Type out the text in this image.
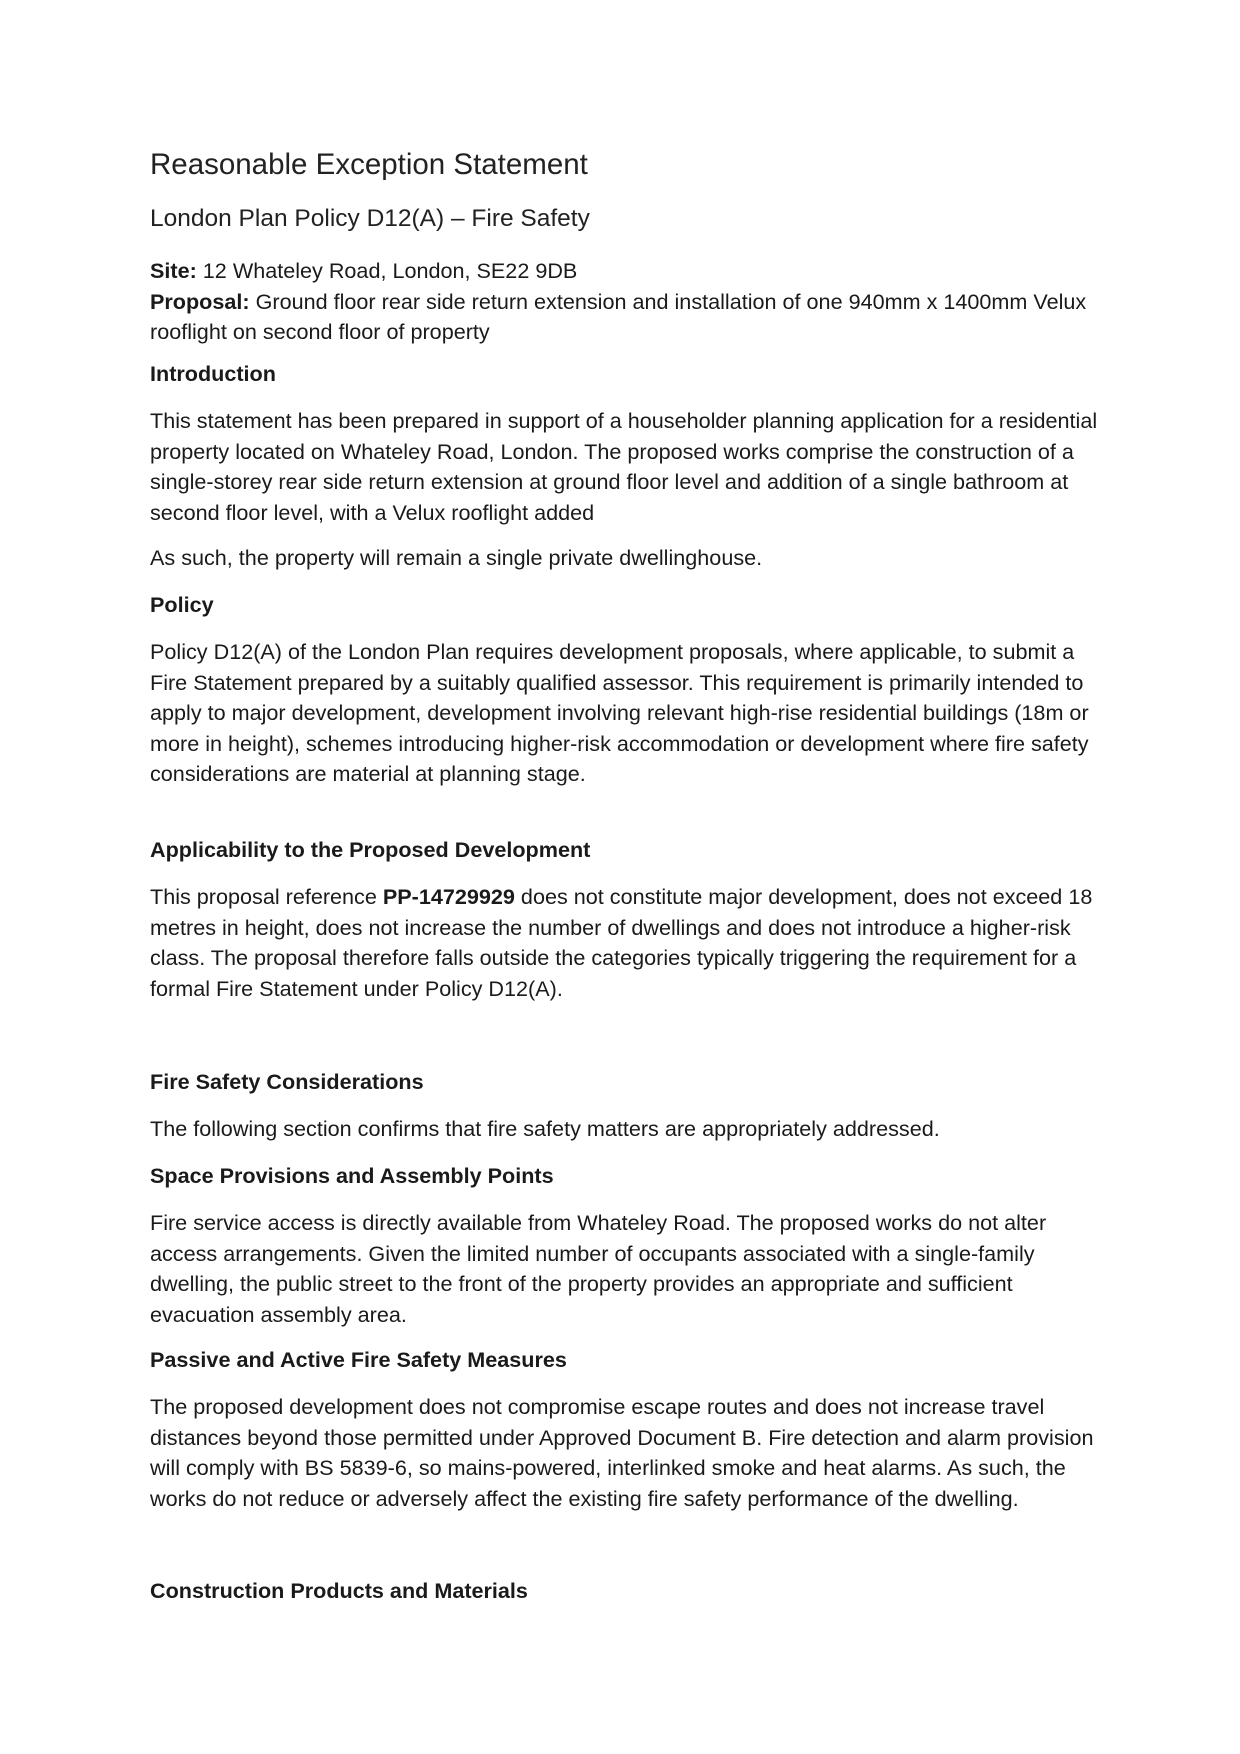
Reasonable Exception Statement
London Plan Policy D12(A) – Fire Safety

Site: 12 Whateley Road, London, SE22 9DB
Proposal: Ground floor rear side return extension and installation of one 940mm x 1400mm Velux rooflight on second floor of property

Introduction

This statement has been prepared in support of a householder planning application for a residential property located on Whateley Road, London. The proposed works comprise the construction of a single-storey rear side return extension at ground floor level and addition of a single bathroom at second floor level, with a Velux rooflight added

As such, the property will remain a single private dwellinghouse.

Policy

Policy D12(A) of the London Plan requires development proposals, where applicable, to submit a Fire Statement prepared by a suitably qualified assessor. This requirement is primarily intended to apply to major development, development involving relevant high-rise residential buildings (18m or more in height), schemes introducing higher-risk accommodation or development where fire safety considerations are material at planning stage.

Applicability to the Proposed Development

This proposal reference PP-14729929 does not constitute major development, does not exceed 18 metres in height, does not increase the number of dwellings and does not introduce a higher-risk class. The proposal therefore falls outside the categories typically triggering the requirement for a formal Fire Statement under Policy D12(A).

Fire Safety Considerations

The following section confirms that fire safety matters are appropriately addressed.

Space Provisions and Assembly Points

Fire service access is directly available from Whateley Road. The proposed works do not alter access arrangements. Given the limited number of occupants associated with a single-family dwelling, the public street to the front of the property provides an appropriate and sufficient evacuation assembly area.

Passive and Active Fire Safety Measures

The proposed development does not compromise escape routes and does not increase travel distances beyond those permitted under Approved Document B. Fire detection and alarm provision will comply with BS 5839-6, so mains-powered, interlinked smoke and heat alarms. As such, the works do not reduce or adversely affect the existing fire safety performance of the dwelling.

Construction Products and Materials
